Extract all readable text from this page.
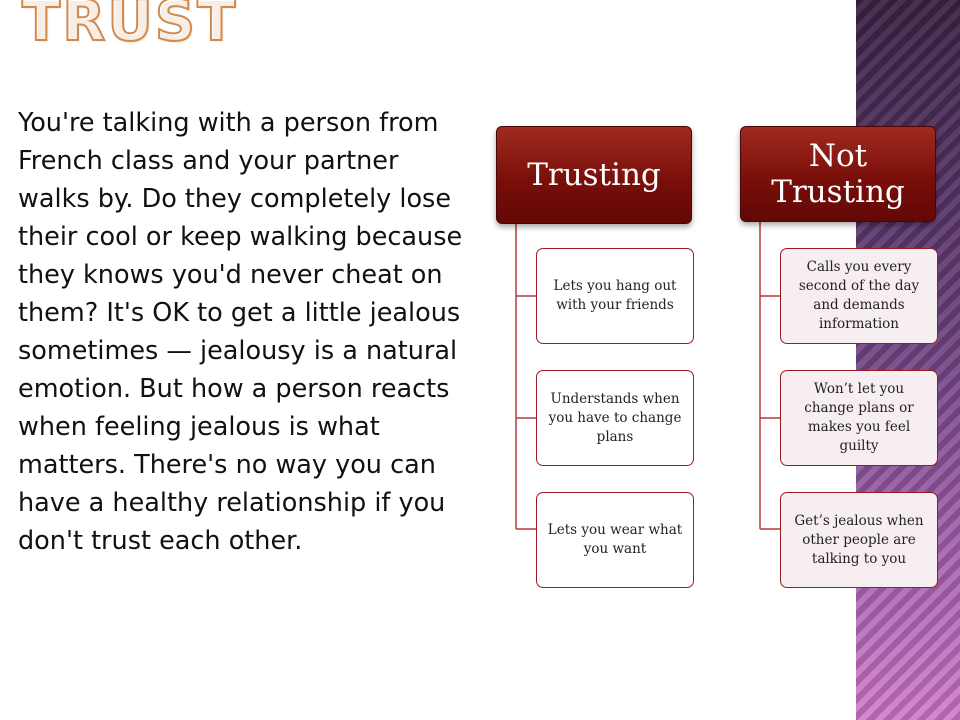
TRUST

You're talking with a person from French class and your partner walks by. Do they completely lose their cool or keep walking because they knows you'd never cheat on them? It's OK to get a little jealous sometimes — jealousy is a natural emotion. But how a person reacts when feeling jealous is what matters. There's no way you can have a healthy relationship if you don't trust each other.

Trusting
Lets you hang out with your friends
Understands when you have to change plans
Lets you wear what you want
Not Trusting
Calls you every second of the day and demands information
Won’t let you change plans or makes you feel guilty
Get’s jealous when other people are talking to you
